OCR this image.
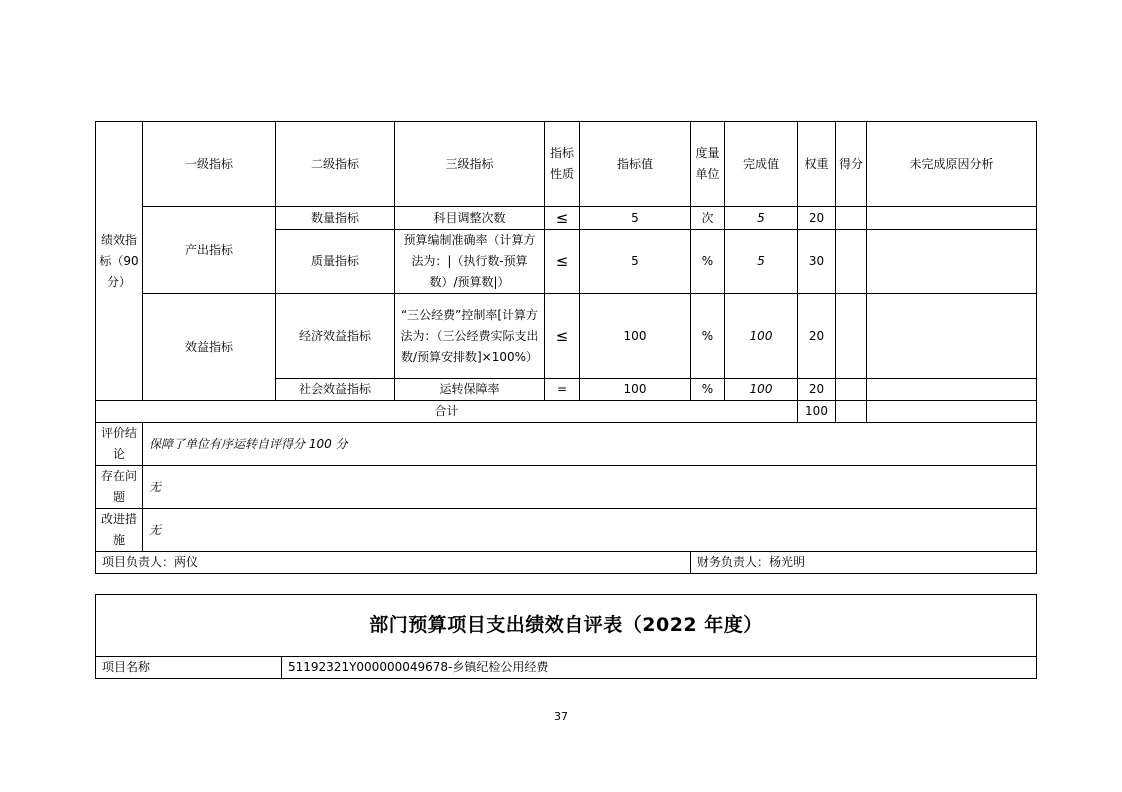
绩效指标（90分）	一级指标	二级指标	三级指标	指标性质	指标值	度量单位	完成值	权重	得分	未完成原因分析
	产出指标	数量指标	科目调整次数	≤	5	次	5	20		
		质量指标	预算编制准确率（计算方法为：|（执行数-预算数）/预算数|）	≤	5	%	5	30		
	效益指标	经济效益指标	“三公经费”控制率[计算方法为：（三公经费实际支出数/预算安排数]×100%）	≤	100	%	100	20		
		社会效益指标	运转保障率	=	100	%	100	20		
合计								100		
评价结论	保障了单位有序运转自评得分 100 分									
存在问题	无									
改进措施	无									
项目负责人：两仪						财务负责人：杨光明				
部门预算项目支出绩效自评表（2022 年度）
项目名称	51192321Y000000049678-乡镇纪检公用经费
37
